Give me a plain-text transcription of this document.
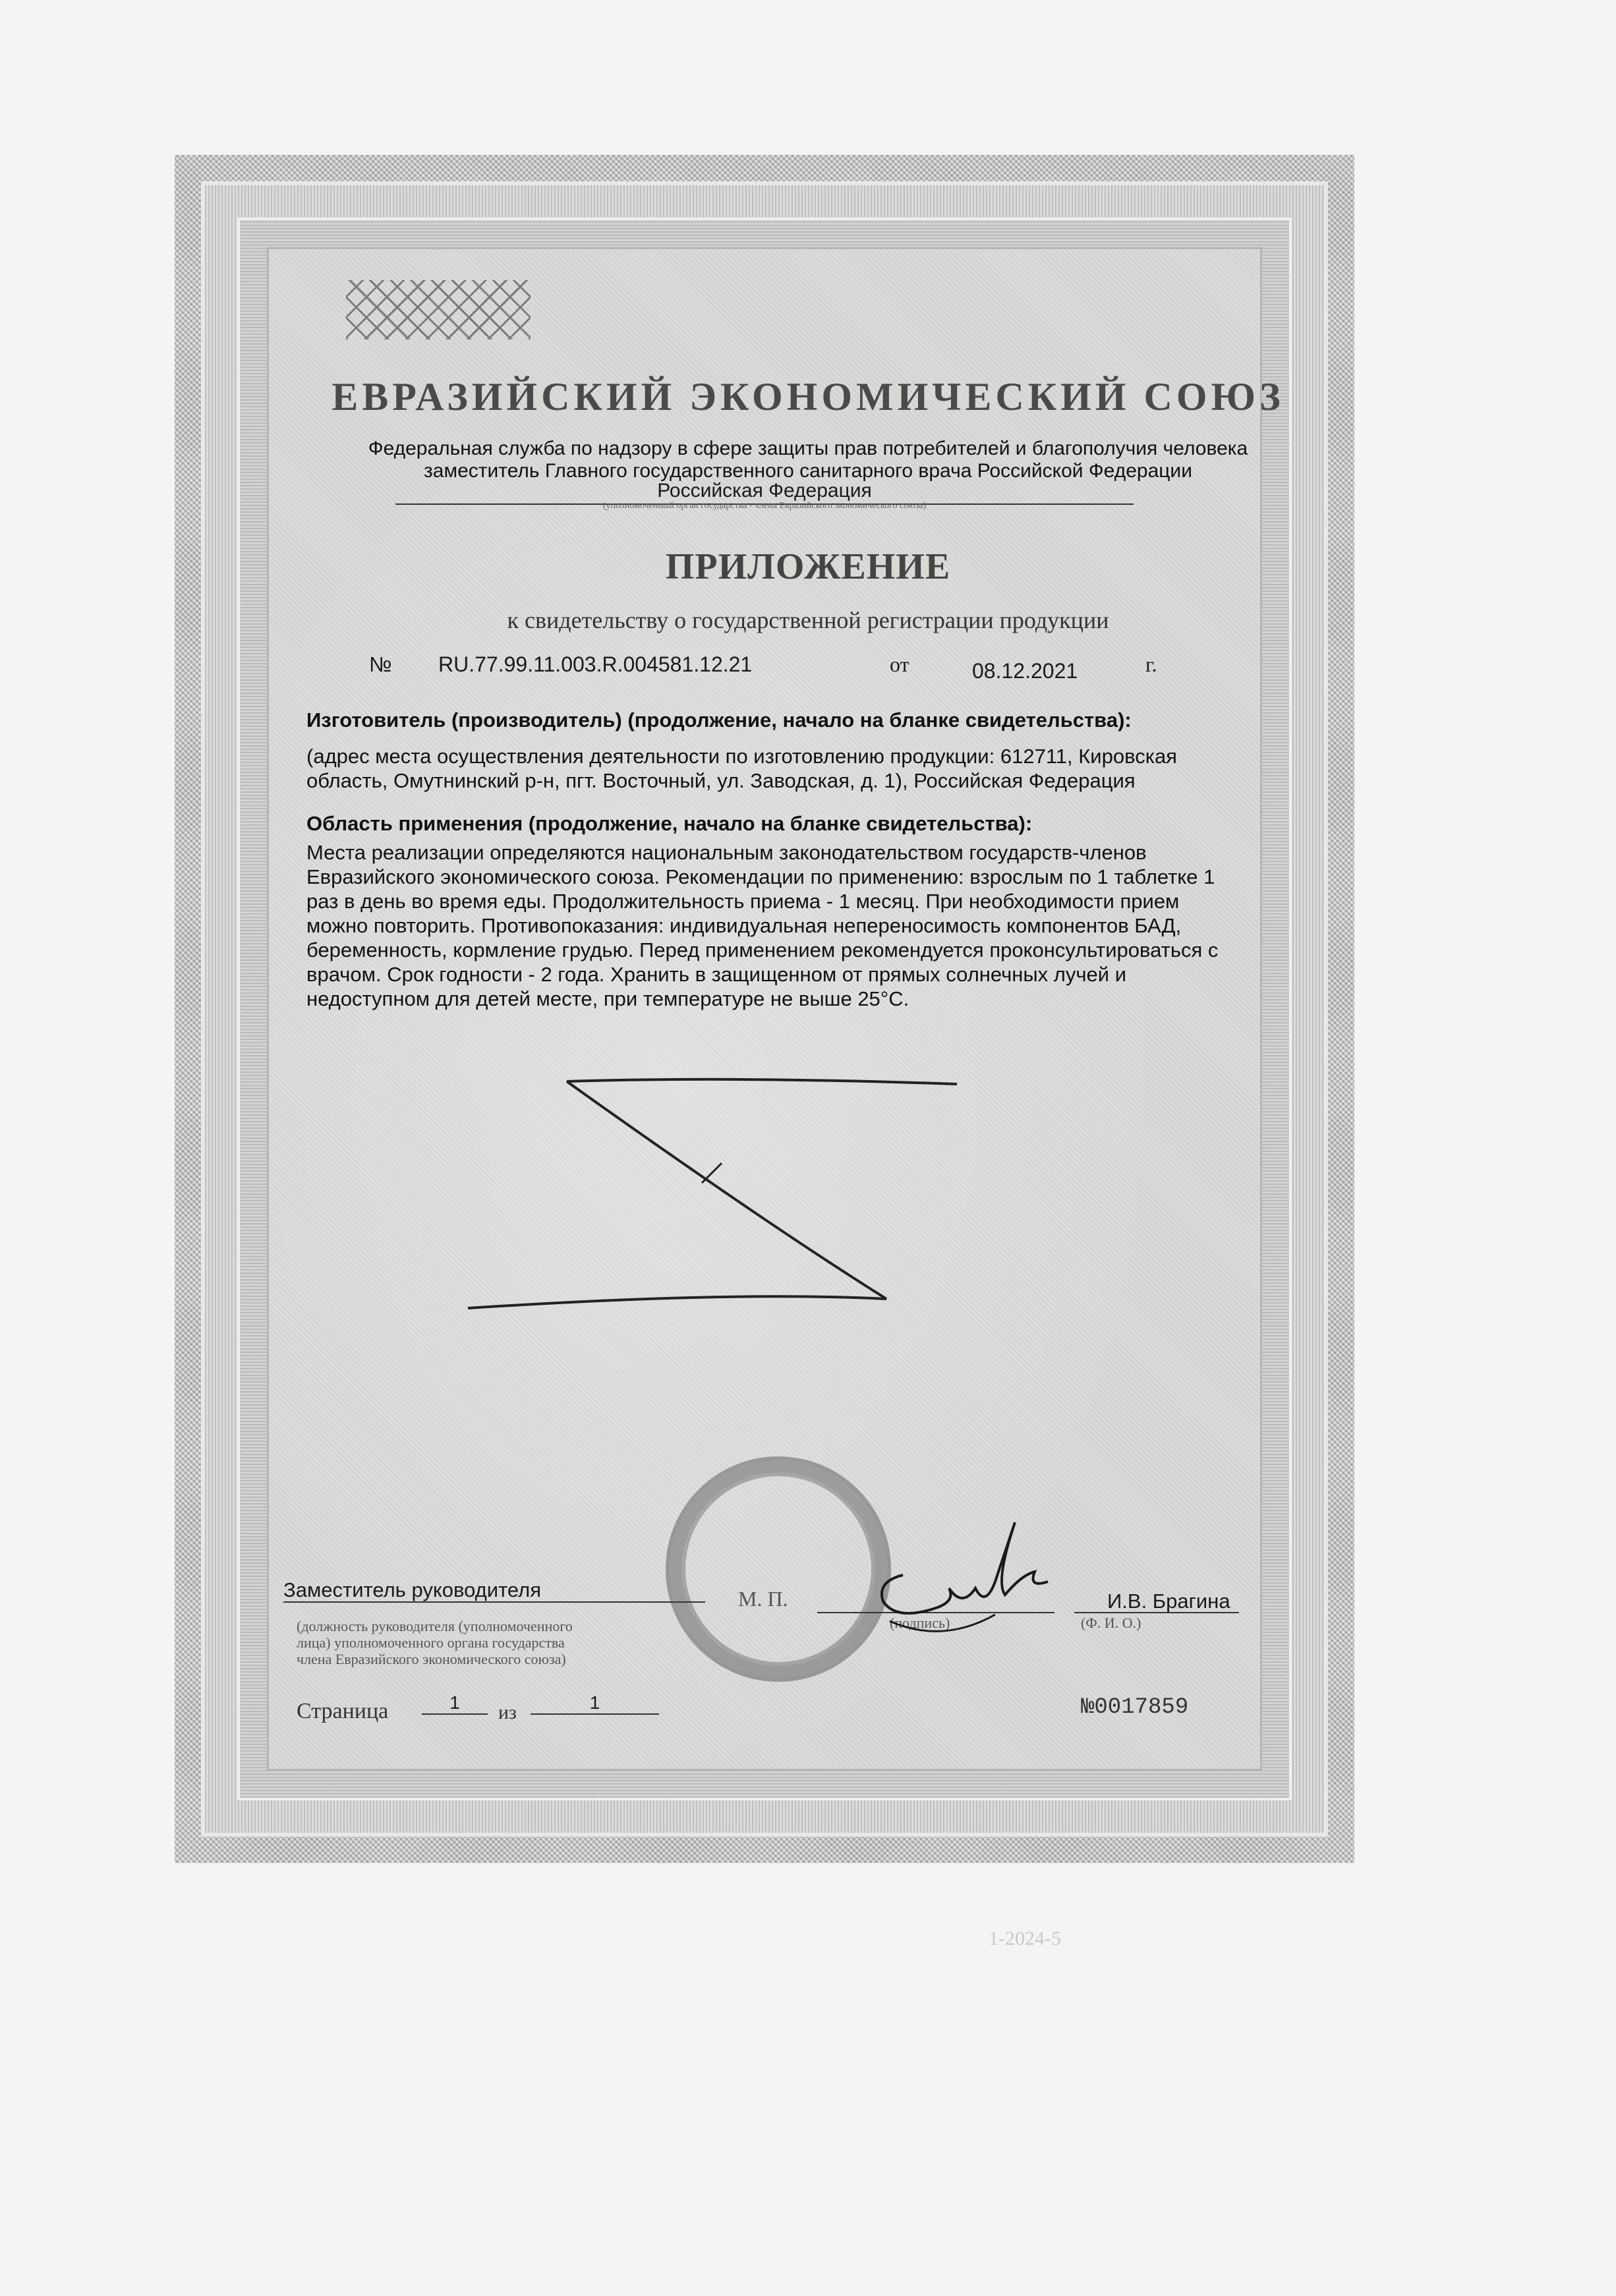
ЕВРАЗИЙСКИЙ ЭКОНОМИЧЕСКИЙ СОЮЗ
Федеральная служба по надзору в сфере защиты прав потребителей и благополучия человека
заместитель Главного государственного санитарного врача Российской Федерации
Российская Федерация
(уполномоченный орган государства - члена Евразийского экономического союза)
ПРИЛОЖЕНИЕ
к свидетельству о государственной регистрации продукции
№ RU.77.99.11.003.R.004581.12.21	от	08.12.2021	г.
Изготовитель (производитель) (продолжение, начало на бланке свидетельства):
(адрес места осуществления деятельности по изготовлению продукции: 612711, Кировская
область, Омутнинский р-н, пгт. Восточный, ул. Заводская, д. 1), Российская Федерация
Область применения (продолжение, начало на бланке свидетельства):
Места реализации определяются национальным законодательством государств-членов
Евразийского экономического союза. Рекомендации по применению: взрослым по 1 таблетке 1
раз в день во время еды. Продолжительность приема - 1 месяц. При необходимости прием
можно повторить. Противопоказания: индивидуальная непереносимость компонентов БАД,
беременность, кормление грудью. Перед применением рекомендуется проконсультироваться с
врачом. Срок годности - 2 года. Хранить в защищенном от прямых солнечных лучей и
недоступном для детей месте, при температуре не выше 25°С.
Заместитель руководителя
(должность руководителя (уполномоченного
лица) уполномоченного органа государства
члена Евразийского экономического союза)
М. П.
(подпись)
И.В. Брагина
(Ф. И. О.)
Страница	1	из	1	№0017859
1-2024-5
